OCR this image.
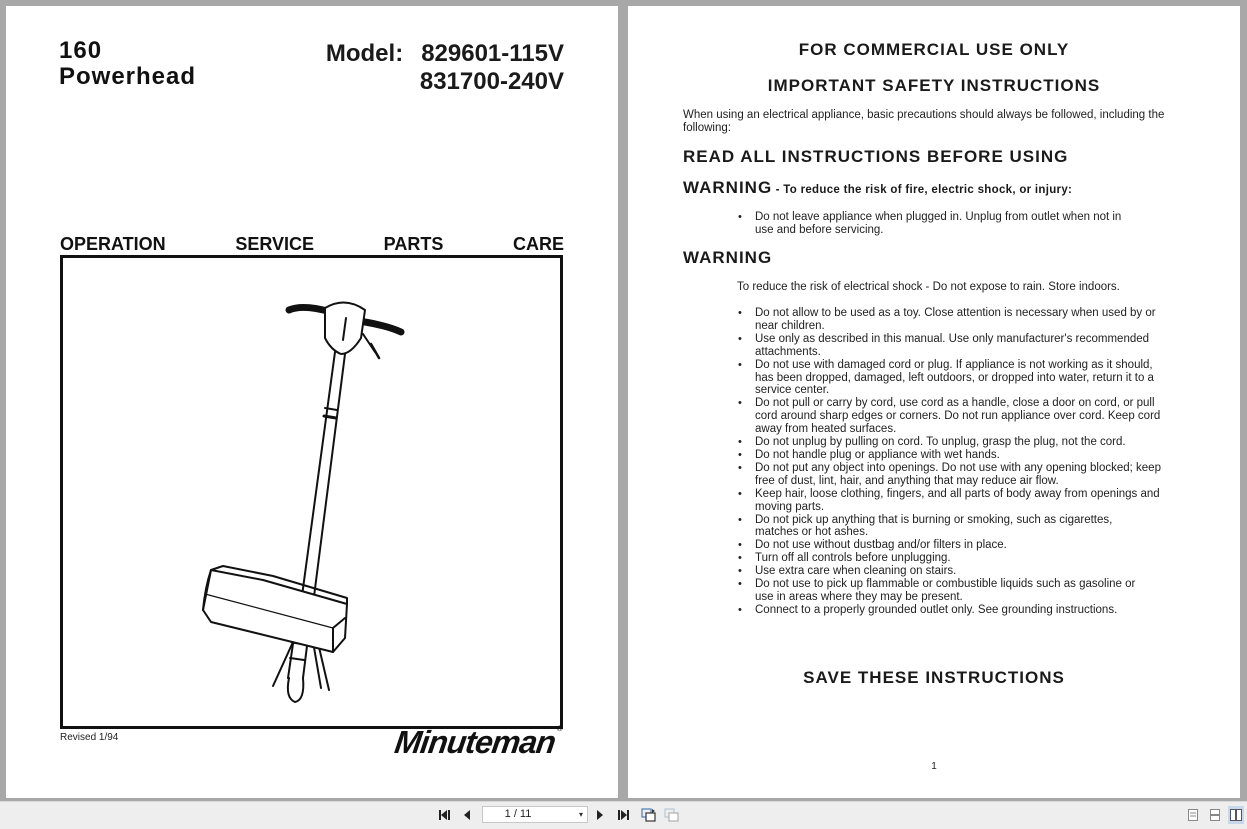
160
Powerhead
Model: 829601-115V
831700-240V
OPERATION	SERVICE	PARTS	CARE
Revised 1/94	Minuteman®
FOR COMMERCIAL USE ONLY
IMPORTANT SAFETY INSTRUCTIONS
When using an electrical appliance, basic precautions should always be followed, including the following:
READ ALL INSTRUCTIONS BEFORE USING
WARNING - To reduce the risk of fire, electric shock, or injury:
• Do not leave appliance when plugged in. Unplug from outlet when not in use and before servicing.
WARNING
To reduce the risk of electrical shock - Do not expose to rain. Store indoors.
• Do not allow to be used as a toy. Close attention is necessary when used by or near children.
• Use only as described in this manual. Use only manufacturer's recommended attachments.
• Do not use with damaged cord or plug. If appliance is not working as it should, has been dropped, damaged, left outdoors, or dropped into water, return it to a service center.
• Do not pull or carry by cord, use cord as a handle, close a door on cord, or pull cord around sharp edges or corners. Do not run appliance over cord. Keep cord away from heated surfaces.
• Do not unplug by pulling on cord. To unplug, grasp the plug, not the cord.
• Do not handle plug or appliance with wet hands.
• Do not put any object into openings. Do not use with any opening blocked; keep free of dust, lint, hair, and anything that may reduce air flow.
• Keep hair, loose clothing, fingers, and all parts of body away from openings and moving parts.
• Do not pick up anything that is burning or smoking, such as cigarettes, matches or hot ashes.
• Do not use without dustbag and/or filters in place.
• Turn off all controls before unplugging.
• Use extra care when cleaning on stairs.
• Do not use to pick up flammable or combustible liquids such as gasoline or use in areas where they may be present.
• Connect to a properly grounded outlet only. See grounding instructions.
SAVE THESE INSTRUCTIONS
1
1 / 11	▾
